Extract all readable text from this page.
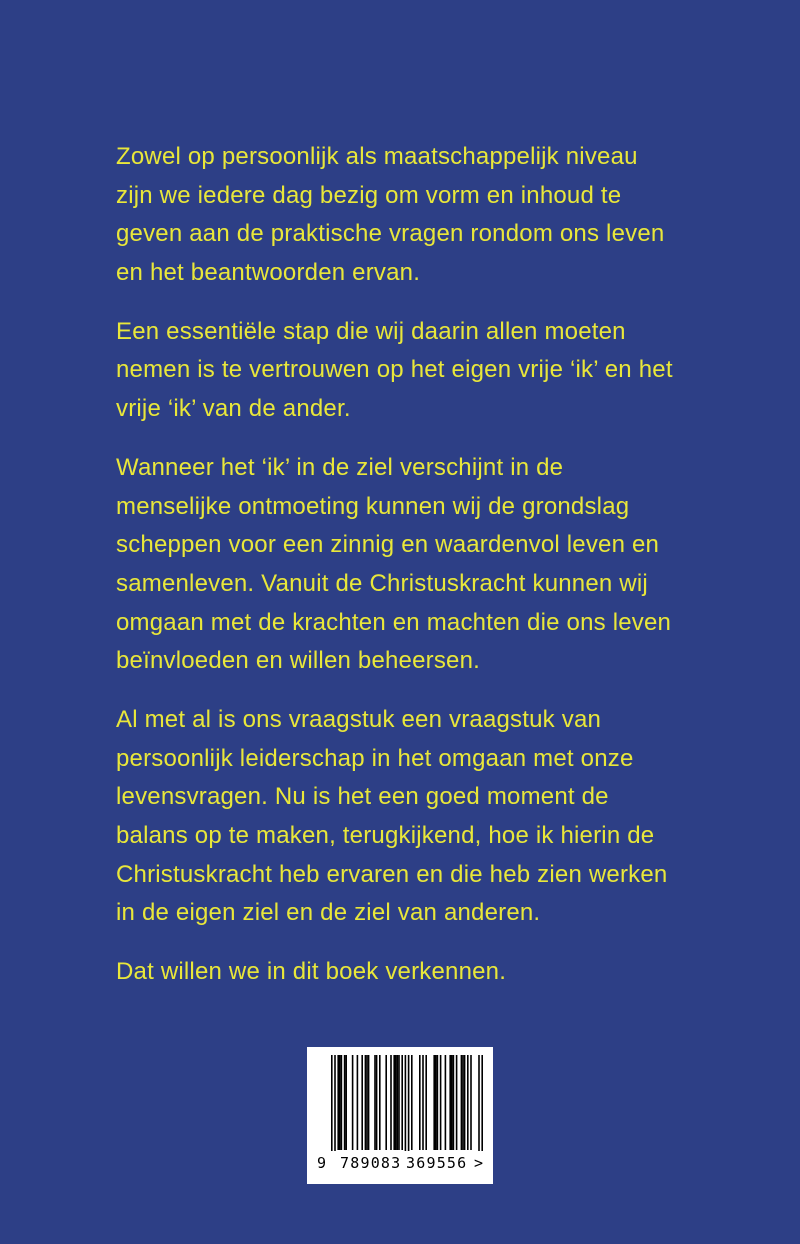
Zowel op persoonlijk als maatschappelijk niveau
zijn we iedere dag bezig om vorm en inhoud te
geven aan de praktische vragen rondom ons leven
en het beantwoorden ervan.

Een essentiële stap die wij daarin allen moeten
nemen is te vertrouwen op het eigen vrije ‘ik’ en het
vrije ‘ik’ van de ander.

Wanneer het ‘ik’ in de ziel verschijnt in de
menselijke ontmoeting kunnen wij de grondslag
scheppen voor een zinnig en waardenvol leven en
samenleven. Vanuit de Christuskracht kunnen wij
omgaan met de krachten en machten die ons leven
beïnvloeden en willen beheersen.

Al met al is ons vraagstuk een vraagstuk van
persoonlijk leiderschap in het omgaan met onze
levensvragen. Nu is het een goed moment de
balans op te maken, terugkijkend, hoe ik hierin de
Christuskracht heb ervaren en die heb zien werken
in de eigen ziel en de ziel van anderen.

Dat willen we in dit boek verkennen.

9 789083 369556 >
